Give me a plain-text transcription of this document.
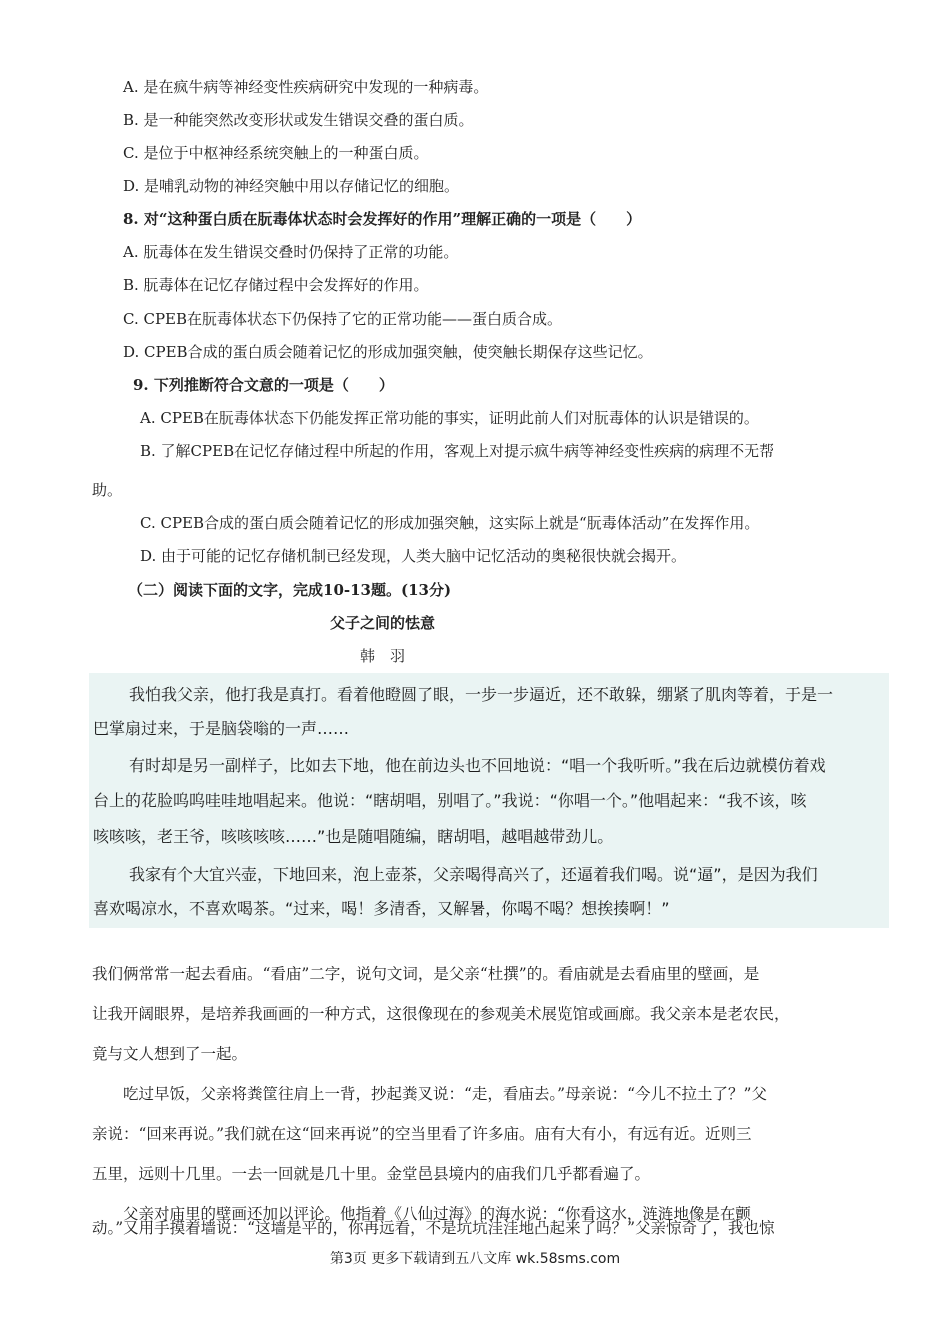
A. 是在疯牛病等神经变性疾病研究中发现的一种病毒。
B. 是一种能突然改变形状或发生错误交叠的蛋白质。
C. 是位于中枢神经系统突触上的一种蛋白质。
D. 是哺乳动物的神经突触中用以存储记忆的细胞。
8. 对“这种蛋白质在朊毒体状态时会发挥好的作用”理解正确的一项是（　　）
A. 朊毒体在发生错误交叠时仍保持了正常的功能。
B. 朊毒体在记忆存储过程中会发挥好的作用。
C. CPEB在朊毒体状态下仍保持了它的正常功能——蛋白质合成。
D. CPEB合成的蛋白质会随着记忆的形成加强突触，使突触长期保存这些记忆。
9. 下列推断符合文意的一项是（　　）
A. CPEB在朊毒体状态下仍能发挥正常功能的事实，证明此前人们对朊毒体的认识是错误的。
B. 了解CPEB在记忆存储过程中所起的作用，客观上对提示疯牛病等神经变性疾病的病理不无帮
助。
C. CPEB合成的蛋白质会随着记忆的形成加强突触，这实际上就是“朊毒体活动”在发挥作用。
D. 由于可能的记忆存储机制已经发现，人类大脑中记忆活动的奥秘很快就会揭开。
（二）阅读下面的文字，完成10-13题。(13分)
父子之间的怯意
韩　羽
我怕我父亲，他打我是真打。看着他瞪圆了眼，一步一步逼近，还不敢躲，绷紧了肌肉等着，于是一
巴掌扇过来，于是脑袋嗡的一声……
有时却是另一副样子，比如去下地，他在前边头也不回地说：“唱一个我听听。”我在后边就模仿着戏
台上的花脸呜呜哇哇地唱起来。他说：“瞎胡唱，别唱了。”我说：“你唱一个。”他唱起来：“我不该，咳
咳咳咳，老王爷，咳咳咳咳……”也是随唱随编，瞎胡唱，越唱越带劲儿。
我家有个大宜兴壶，下地回来，泡上壶茶，父亲喝得高兴了，还逼着我们喝。说“逼”，是因为我们
喜欢喝凉水，不喜欢喝茶。“过来，喝！多清香，又解暑，你喝不喝？想挨揍啊！”
我们俩常常一起去看庙。“看庙”二字，说句文词，是父亲“杜撰”的。看庙就是去看庙里的壁画，是
让我开阔眼界，是培养我画画的一种方式，这很像现在的参观美术展览馆或画廊。我父亲本是老农民，
竟与文人想到了一起。
吃过早饭，父亲将粪筐往肩上一背，抄起粪叉说：“走，看庙去。”母亲说：“今儿不拉土了？”父
亲说：“回来再说。”我们就在这“回来再说”的空当里看了许多庙。庙有大有小，有远有近。近则三
五里，远则十几里。一去一回就是几十里。金堂邑县境内的庙我们几乎都看遍了。
父亲对庙里的壁画还加以评论。他指着《八仙过海》的海水说：“你看这水，涟涟地像是在颤
动。”又用手摸着墙说：“这墙是平的，你再远看，不是坑坑洼洼地凸起来了吗？”父亲惊奇了，我也惊
第3页 更多下载请到五八文库 wk.58sms.com
